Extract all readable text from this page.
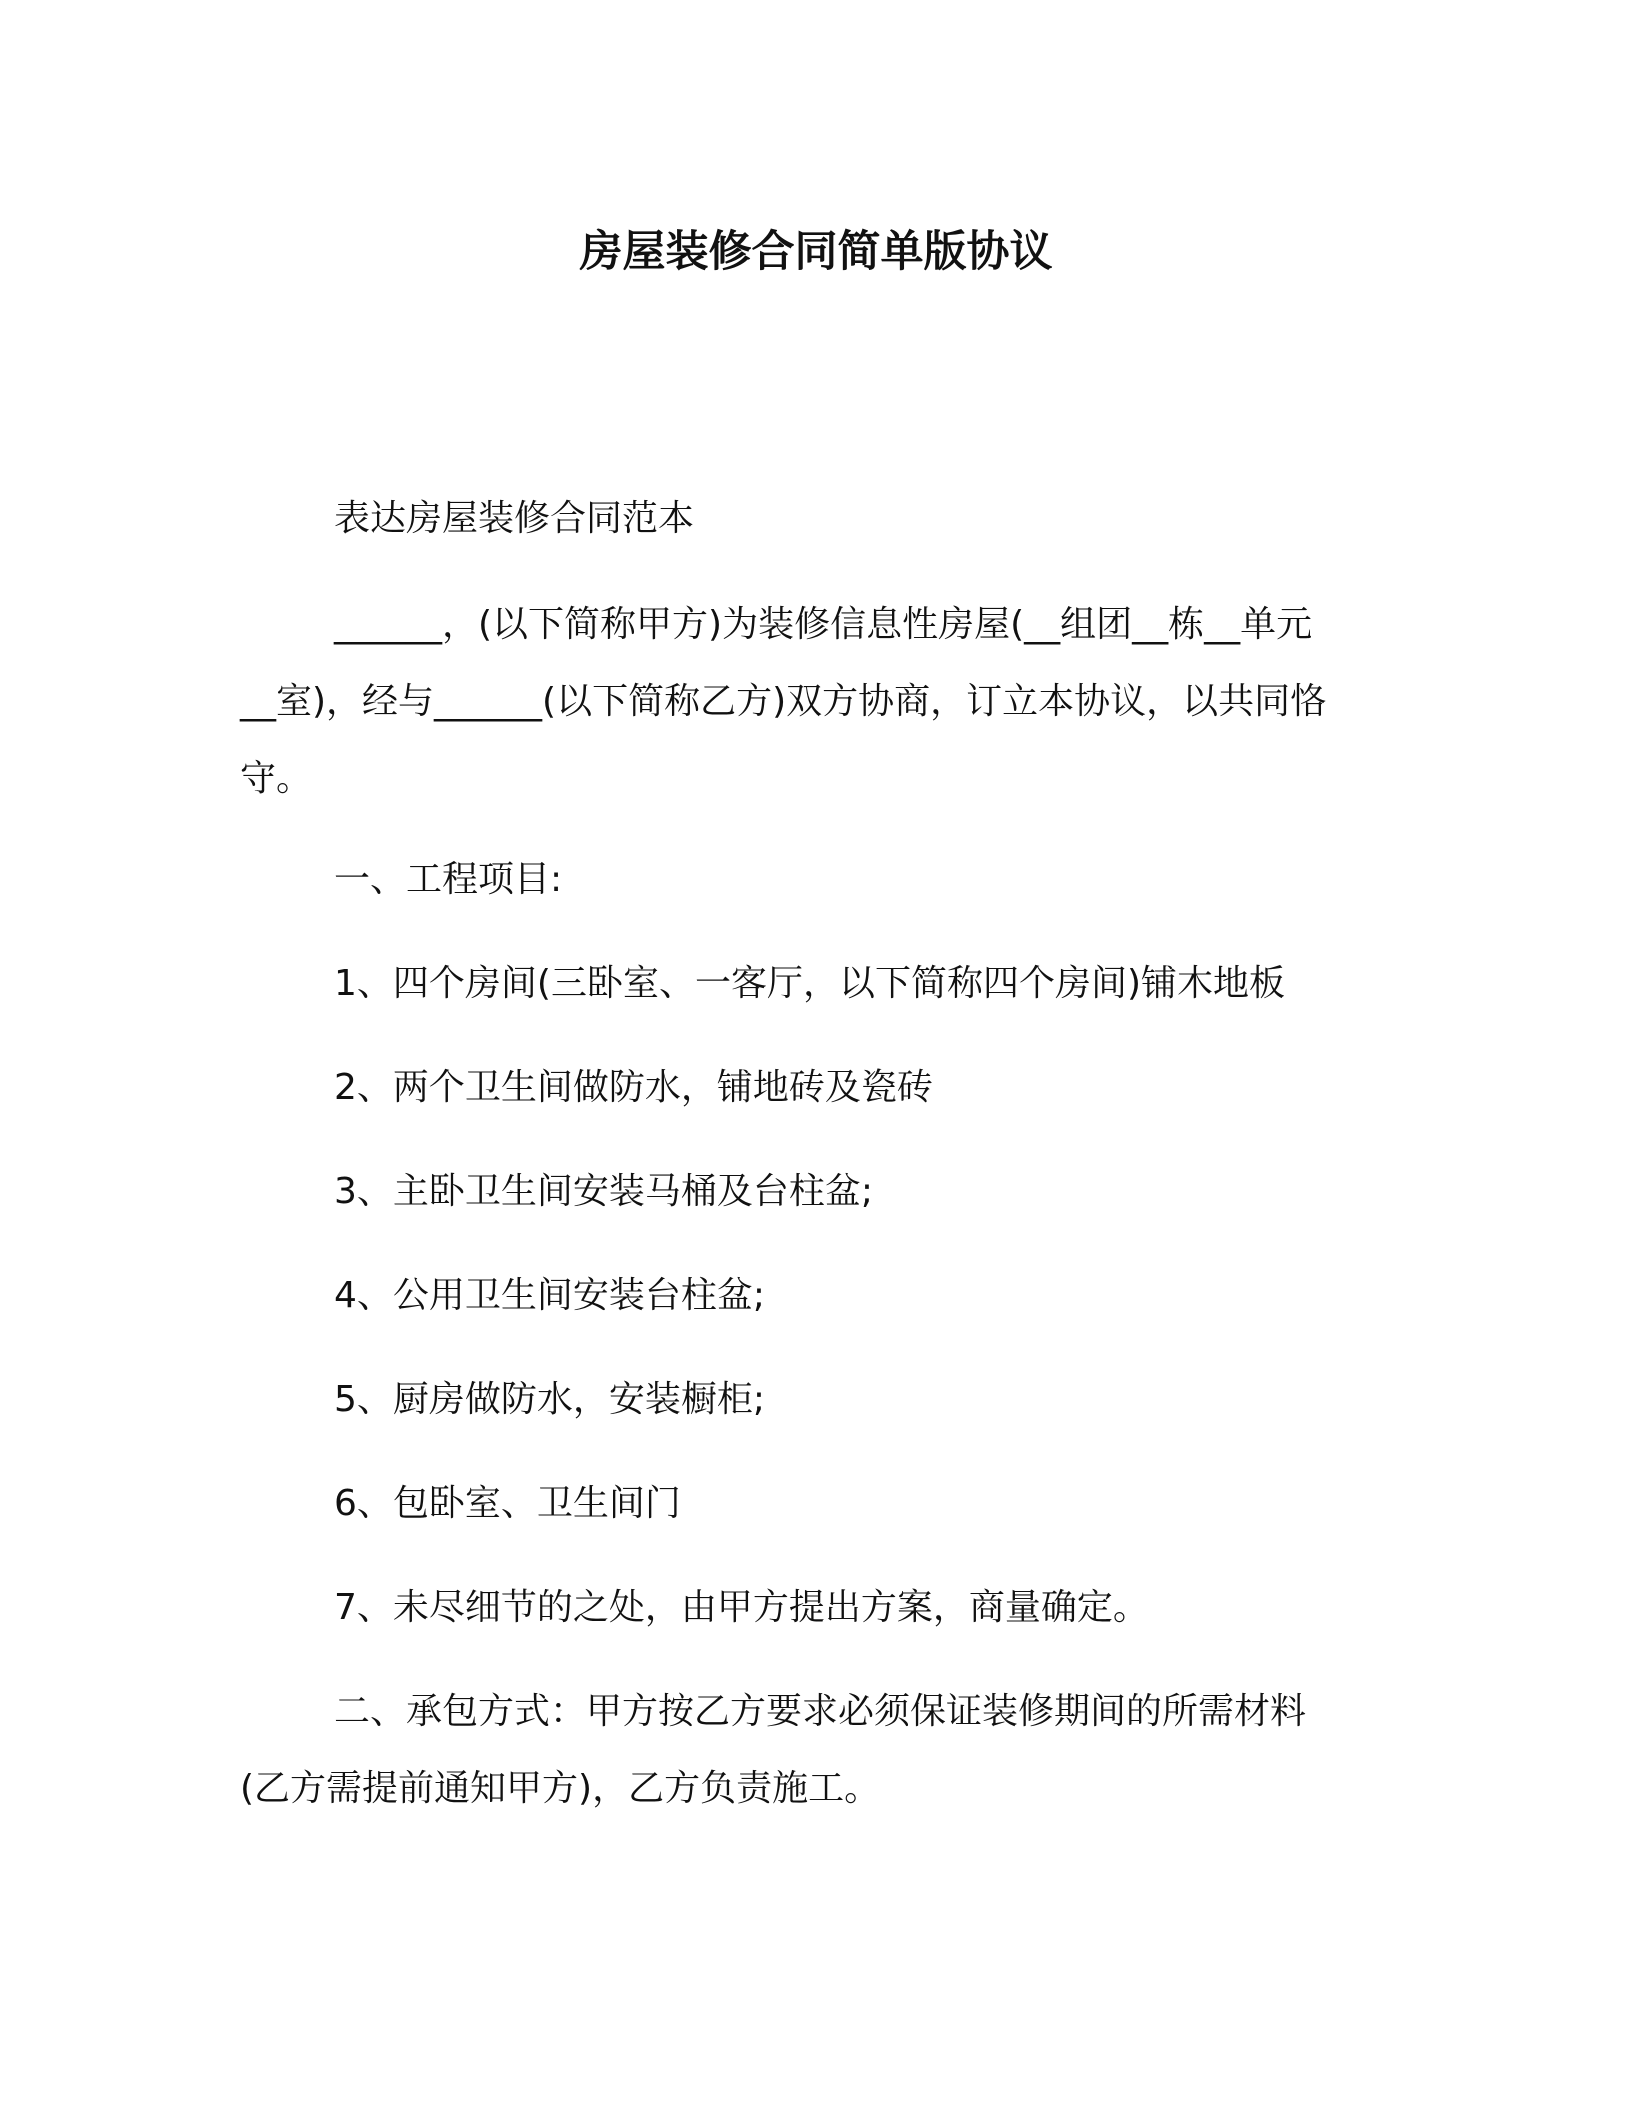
房屋装修合同简单版协议

表达房屋装修合同范本

______，(以下简称甲方)为装修信息性房屋(__组团__栋__单元
__室)，经与______(以下简称乙方)双方协商，订立本协议，以共同恪
守。

一、工程项目:

1、四个房间(三卧室、一客厅，以下简称四个房间)铺木地板

2、两个卫生间做防水，铺地砖及瓷砖

3、主卧卫生间安装马桶及台柱盆;

4、公用卫生间安装台柱盆;

5、厨房做防水，安装橱柜;

6、包卧室、卫生间门

7、未尽细节的之处，由甲方提出方案，商量确定。

二、承包方式：甲方按乙方要求必须保证装修期间的所需材料
(乙方需提前通知甲方)，乙方负责施工。
